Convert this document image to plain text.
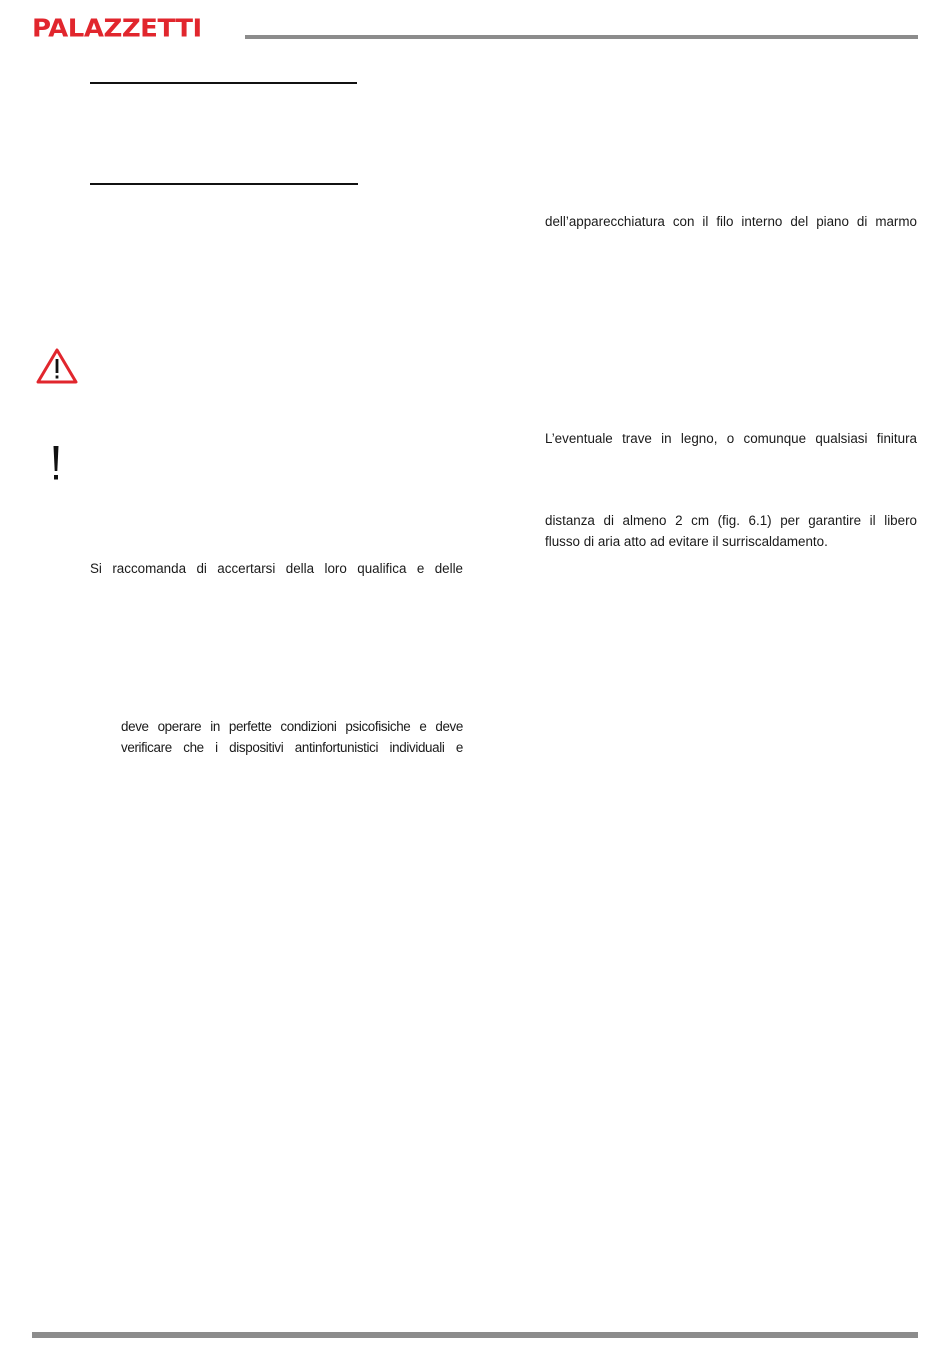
PALAZZETTI
dell’apparecchiatura con il filo interno del piano di marmo
L’eventuale trave in legno, o comunque qualsiasi finitura
distanza di almeno 2 cm (fig. 6.1) per garantire il libero
flusso di aria atto ad evitare il surriscaldamento.
Si raccomanda di accertarsi della loro qualifica e delle
deve operare in perfette condizioni psicofisiche e deve
verificare che i dispositivi antinfortunistici individuali e
